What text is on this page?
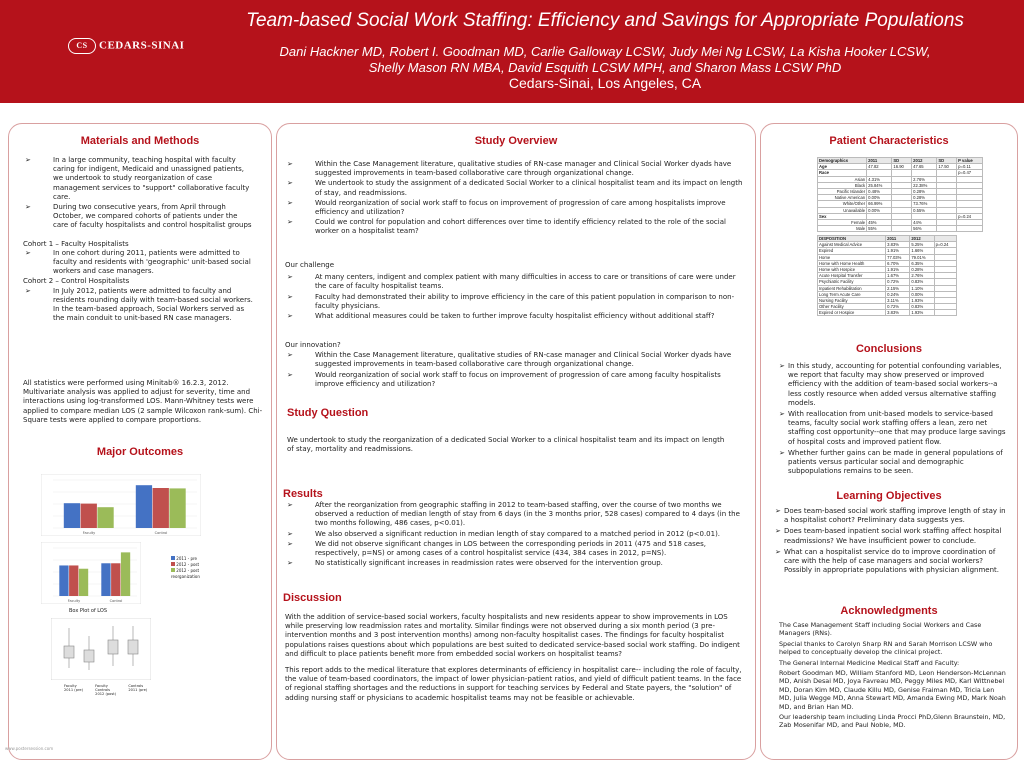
CS CEDARS-SINAI
Team-based Social Work Staffing: Efficiency and Savings for Appropriate Populations
Dani Hackner MD, Robert I. Goodman MD, Carlie Galloway LCSW, Judy Mei Ng LCSW, La Kisha Hooker LCSW,
Shelly Mason RN MBA, David Esquith LCSW MPH, and Sharon Mass LCSW PhD
Cedars-Sinai, Los Angeles, CA
Materials and Methods
➢ In a large community, teaching hospital with faculty caring for indigent, Medicaid and unassigned patients, we undertook to study reorganization of case management services to "support" collaborative faculty care.
➢ During two consecutive years, from April through October, we compared cohorts of patients under the care of faculty hospitalists and control hospitalist groups
Cohort 1 – Faculty Hospitalists
➢ In one cohort during 2011, patients were admitted to faculty and residents with 'geographic' unit-based social workers and case managers.
Cohort 2 – Control Hospitalists
➢ In July 2012, patients were admitted to faculty and residents rounding daily with team-based social workers. In the team-based approach, Social Workers served as the main conduit to unit-based RN case managers.
All statistics were performed using Minitab® 16.2.3, 2012. Multivariate analysis was applied to adjust for severity, time and interactions using log-transformed LOS. Mann-Whitney tests were applied to compare median LOS (2 sample Wilcoxon rank-sum). Chi-Square tests were applied to compare proportions.
Major Outcomes
Faculty	Control
Faculty	Control
2011 - pre
2012 - post
2012 - post reorganization
Box Plot of LOS
Faculty
2011 (pre) Faculty
Controls
2012 (post) Controls
2011 (pre)
Study Overview
➢ Within the Case Management literature, qualitative studies of RN-case manager and Clinical Social Worker dyads have suggested improvements in team-based collaborative care through organizational change.
➢ We undertook to study the assignment of a dedicated Social Worker to a clinical hospitalist team and its impact on length of stay, and readmissions.
➢ Would reorganization of social work staff to focus on improvement of progression of care among hospitalists improve efficiency and utilization?
➢ Could we control for population and cohort differences over time to identify efficiency related to the role of the social worker on a hospitalist team?
Our challenge
➢ At many centers, indigent and complex patient with many difficulties in access to care or transitions of care were under the care of faculty hospitalist teams.
➢ Faculty had demonstrated their ability to improve efficiency in the care of this patient population in comparison to non-faculty physicians.
➢ What additional measures could be taken to further improve faculty hospitalist efficiency without additional staff?
Our innovation?
➢ Within the Case Management literature, qualitative studies of RN-case manager and Clinical Social Worker dyads have suggested improvements in team-based collaborative care through organizational change.
➢ Would reorganization of social work staff to focus on improvement of progression of care among faculty hospitalists improve efficiency and utilization?
Study Question
We undertook to study the reorganization of a dedicated Social Worker to a clinical hospitalist team and its impact on length of stay, mortality and readmissions.
Results
➢ After the reorganization from geographic staffing in 2012 to team-based staffing, over the course of two months we observed a reduction of median length of stay from 6 days (in the 3 months prior, 528 cases) compared to 4 days (in the two months following, 486 cases, p<0.01).
➢ We also observed a significant reduction in median length of stay compared to a matched period in 2012 (p<0.01).
➢ We did not observe significant changes in LOS between the corresponding periods in 2011 (475 and 518 cases, respectively, p=NS) or among cases of a control hospitalist service (434, 384 cases in 2012, p=NS).
➢ No statistically significant increases in readmission rates were observed for the intervention group.
Discussion
With the addition of service-based social workers, faculty hospitalists and new residents appear to show improvements in LOS while preserving low readmission rates and mortality. Similar findings were not observed during a six month period (3 pre-intervention months and 3 post intervention months) among non-faculty hospitalist cases. The findings for faculty hospitalist populations raises questions about which populations are best suited to dedicated service-based social work staffing. Do indigent and difficult to place patients benefit more from embedded social workers on hospitalist teams?
This report adds to the medical literature that explores determinants of efficiency in hospitalist care-- including the role of faculty, the value of team-based coordinators, the impact of lower physician-patient ratios, and yield of difficult patient teams. In the face of regional staffing shortages and the reductions in support for teaching services by Federal and State payers, the "solution" of adding nursing staff or physicians to academic hospitalist teams may not be feasible or achievable.
Patient Characteristics
Demographics	2011	SD	2012	SD	P value
Age	47.82	16.90	47.65	17.50	p=0.11
Race					p=0.47
Asian	4.31%		2.76%		
Black	25.84%		22.38%		
Pacific Islander	0.48%		0.28%		
Native American	0.00%		0.28%		
White/Other	66.99%		73.76%		
Unavailable	0.00%		0.55%		
Sex					p=0.24
Female	45%		44%		
Male	55%		56%		
DISPOSITION	2011	2012	
Against Medical Advice	3.83%	5.25%	p=0.24
Expired	1.91%	1.66%	
Home	77.03%	79.01%	
Home with Home Health	6.70%	6.35%	
Home with Hospice	1.91%	0.28%	
Acute Hospital Transfer	1.67%	2.76%	
Psychiatric Facility	0.72%	0.83%	
Inpatient Rehabilitation	2.15%	1.10%	
Long Term Acute Care	0.24%	0.00%	
Nursing Facility	3.11%	1.93%	
Other Facility	0.72%	0.83%	
Expired or Hospice	3.83%	1.93%	
Conclusions
➢ In this study, accounting for potential confounding variables, we report that faculty may show preserved or improved efficiency with the addition of team-based social workers--a less costly resource when added versus alternative staffing models.
➢ With reallocation from unit-based models to service-based teams, faculty social work staffing offers a lean, zero net staffing cost opportunity--one that may produce large savings of hospital costs and improved patient flow.
➢ Whether further gains can be made in general populations of patients versus particular social and demographic subpopulations remains to be seen.
Learning Objectives
➢ Does team-based social work staffing improve length of stay in a hospitalist cohort? Preliminary data suggests yes.
➢ Does team-based inpatient social work staffing affect hospital readmissions? We have insufficient power to conclude.
➢ What can a hospitalist service do to improve coordination of care with the help of case managers and social workers? Possibly in appropriate populations with physician alignment.
Acknowledgments
The Case Management Staff including Social Workers and Case Managers (RNs).
Special thanks to Carolyn Sharp RN and Sarah Morrison LCSW who helped to conceptually develop the clinical project.
The General Internal Medicine Medical Staff and Faculty:
Robert Goodman MD, William Stanford MD, Leon Henderson-McLennan MD, Anish Desai MD, Joya Favreau MD, Peggy Miles MD, Karl Wittnebel MD, Doran Kim MD, Claude Killu MD, Genise Fraiman MD, Tricia Len MD, Julia Wegge MD, Anna Stewart MD, Amanda Ewing MD, Mark Noah MD, and Brian Han MD.
Our leadership team including Linda Procci PhD,Glenn Braunstein, MD, Zab Mosenifar MD, and Paul Noble, MD.
www.postersession.com
